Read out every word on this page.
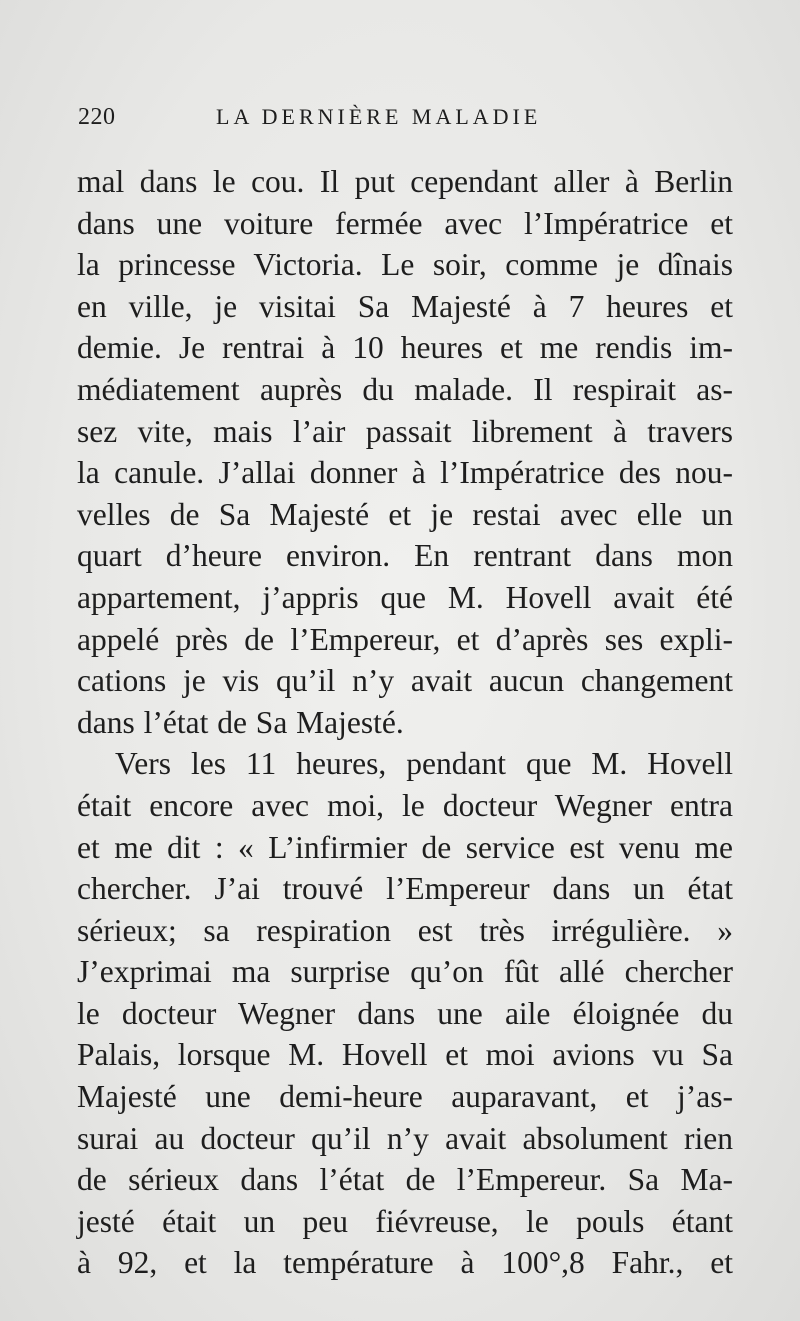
220	LA DERNIÈRE MALADIE
mal dans le cou. Il put cependant aller à Berlin
dans une voiture fermée avec l’Impératrice et
la princesse Victoria. Le soir, comme je dînais
en ville, je visitai Sa Majesté à 7 heures et
demie. Je rentrai à 10 heures et me rendis im-
médiatement auprès du malade. Il respirait as-
sez vite, mais l’air passait librement à travers
la canule. J’allai donner à l’Impératrice des nou-
velles de Sa Majesté et je restai avec elle un
quart d’heure environ. En rentrant dans mon
appartement, j’appris que M. Hovell avait été
appelé près de l’Empereur, et d’après ses expli-
cations je vis qu’il n’y avait aucun changement
dans l’état de Sa Majesté.
Vers les 11 heures, pendant que M. Hovell
était encore avec moi, le docteur Wegner entra
et me dit : « L’infirmier de service est venu me
chercher. J’ai trouvé l’Empereur dans un état
sérieux; sa respiration est très irrégulière. »
J’exprimai ma surprise qu’on fût allé chercher
le docteur Wegner dans une aile éloignée du
Palais, lorsque M. Hovell et moi avions vu Sa
Majesté une demi-heure auparavant, et j’as-
surai au docteur qu’il n’y avait absolument rien
de sérieux dans l’état de l’Empereur. Sa Ma-
jesté était un peu fiévreuse, le pouls étant
à 92, et la température à 100°,8 Fahr., et
